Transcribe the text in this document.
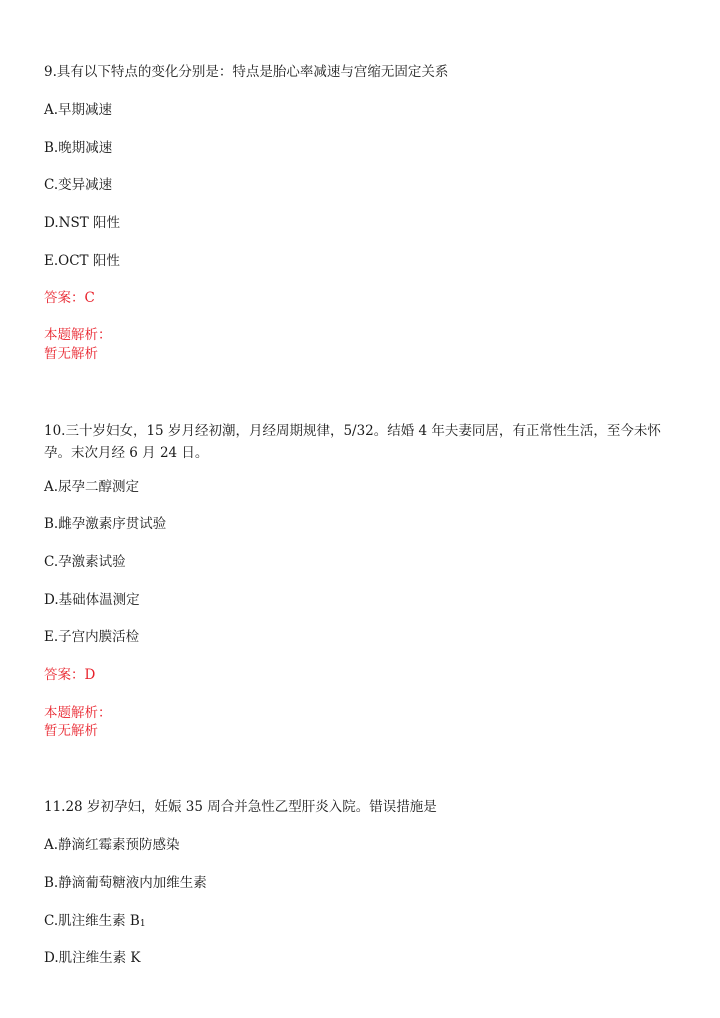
9.具有以下特点的变化分别是：特点是胎心率减速与宫缩无固定关系
A.早期减速
B.晚期减速
C.变异减速
D.NST 阳性
E.OCT 阳性
答案：C
本题解析：
暂无解析
10.三十岁妇女，15 岁月经初潮，月经周期规律，5/32。结婚 4 年夫妻同居，有正常性生活，至今未怀孕。末次月经 6 月 24 日。
A.尿孕二醇测定
B.雌孕激素序贯试验
C.孕激素试验
D.基础体温测定
E.子宫内膜活检
答案：D
本题解析：
暂无解析
11.28 岁初孕妇，妊娠 35 周合并急性乙型肝炎入院。错误措施是
A.静滴红霉素预防感染
B.静滴葡萄糖液内加维生素
C.肌注维生素 $B_1$
D.肌注维生素 K
